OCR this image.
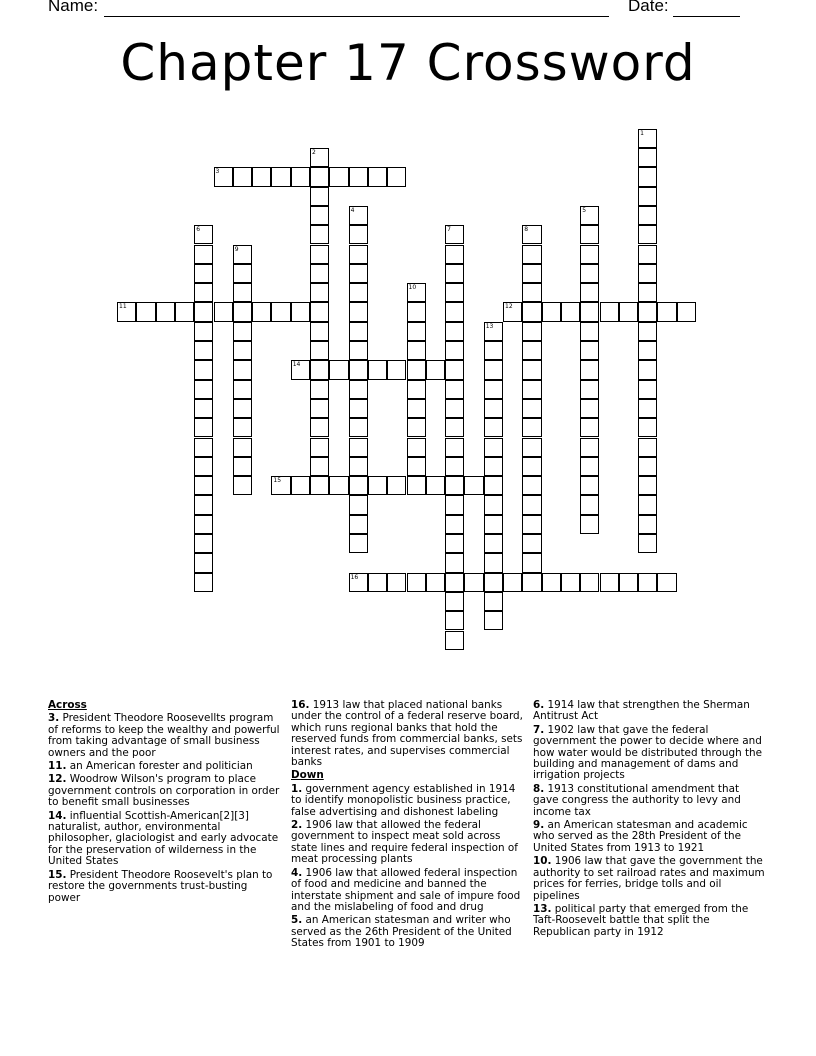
Name:	Date:
Chapter 17 Crossword
3
11	12
14
15
16
1
2
4	5
6	7	8
9
10
13

Across

3. President Theodore Roosevellts program of reforms to keep the wealthy and powerful from taking advantage of small business owners and the poor

11. an American forester and politician

12. Woodrow Wilson's program to place government controls on corporation in order to benefit small businesses

14. influential Scottish-American[2][3] naturalist, author, environmental philosopher, glaciologist and early advocate for the preservation of wilderness in the United States

15. President Theodore Roosevelt's plan to restore the governments trust-busting power

16. 1913 law that placed national banks under the control of a federal reserve board, which runs regional banks that hold the reserved funds from commercial banks, sets interest rates, and supervises commercial banks

Down

1. government agency established in 1914 to identify monopolistic business practice, false advertising and dishonest labeling

2. 1906 law that allowed the federal government to inspect meat sold across state lines and require federal inspection of meat processing plants

4. 1906 law that allowed federal inspection of food and medicine and banned the interstate shipment and sale of impure food and the mislabeling of food and drug

5. an American statesman and writer who served as the 26th President of the United States from 1901 to 1909

6. 1914 law that strengthen the Sherman Antitrust Act

7. 1902 law that gave the federal government the power to decide where and how water would be distributed through the building and management of dams and irrigation projects

8. 1913 constitutional amendment that gave congress the authority to levy and income tax

9. an American statesman and academic who served as the 28th President of the United States from 1913 to 1921

10. 1906 law that gave the government the authority to set railroad rates and maximum prices for ferries, bridge tolls and oil pipelines

13. political party that emerged from the Taft-Roosevelt battle that split the Republican party in 1912
